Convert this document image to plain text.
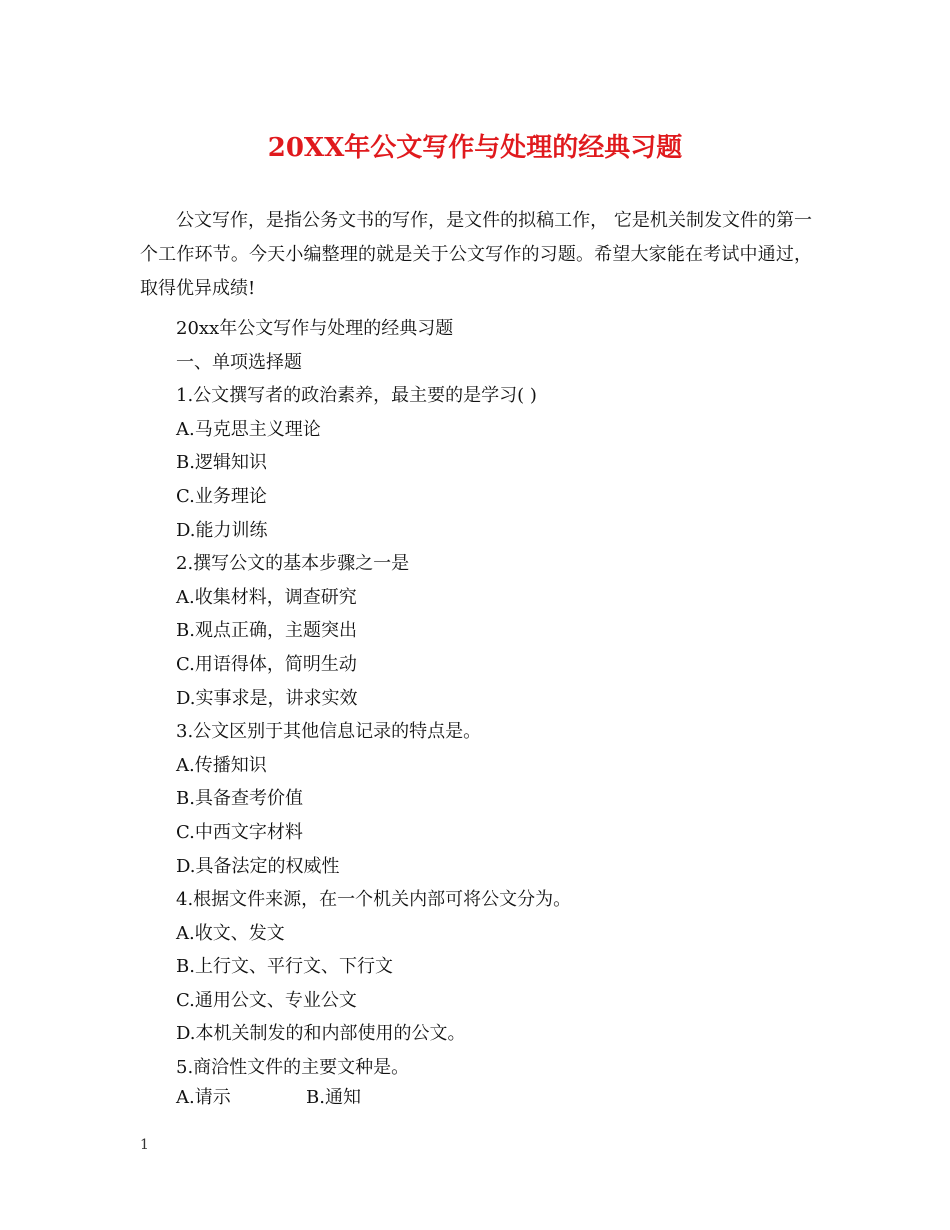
20XX年公文写作与处理的经典习题

公文写作，是指公务文书的写作，是文件的拟稿工作， 它是机关制发文件的第一个工作环节。今天小编整理的就是关于公文写作的习题。希望大家能在考试中通过，取得优异成绩!

20xx年公文写作与处理的经典习题
一、单项选择题
1.公文撰写者的政治素养，最主要的是学习( )
A.马克思主义理论
B.逻辑知识
C.业务理论
D.能力训练
2.撰写公文的基本步骤之一是
A.收集材料，调查研究
B.观点正确，主题突出
C.用语得体，简明生动
D.实事求是，讲求实效
3.公文区别于其他信息记录的特点是。
A.传播知识
B.具备查考价值
C.中西文字材料
D.具备法定的权威性
4.根据文件来源，在一个机关内部可将公文分为。
A.收文、发文
B.上行文、平行文、下行文
C.通用公文、专业公文
D.本机关制发的和内部使用的公文。
5.商洽性文件的主要文种是。
A.请示	B.通知
1
